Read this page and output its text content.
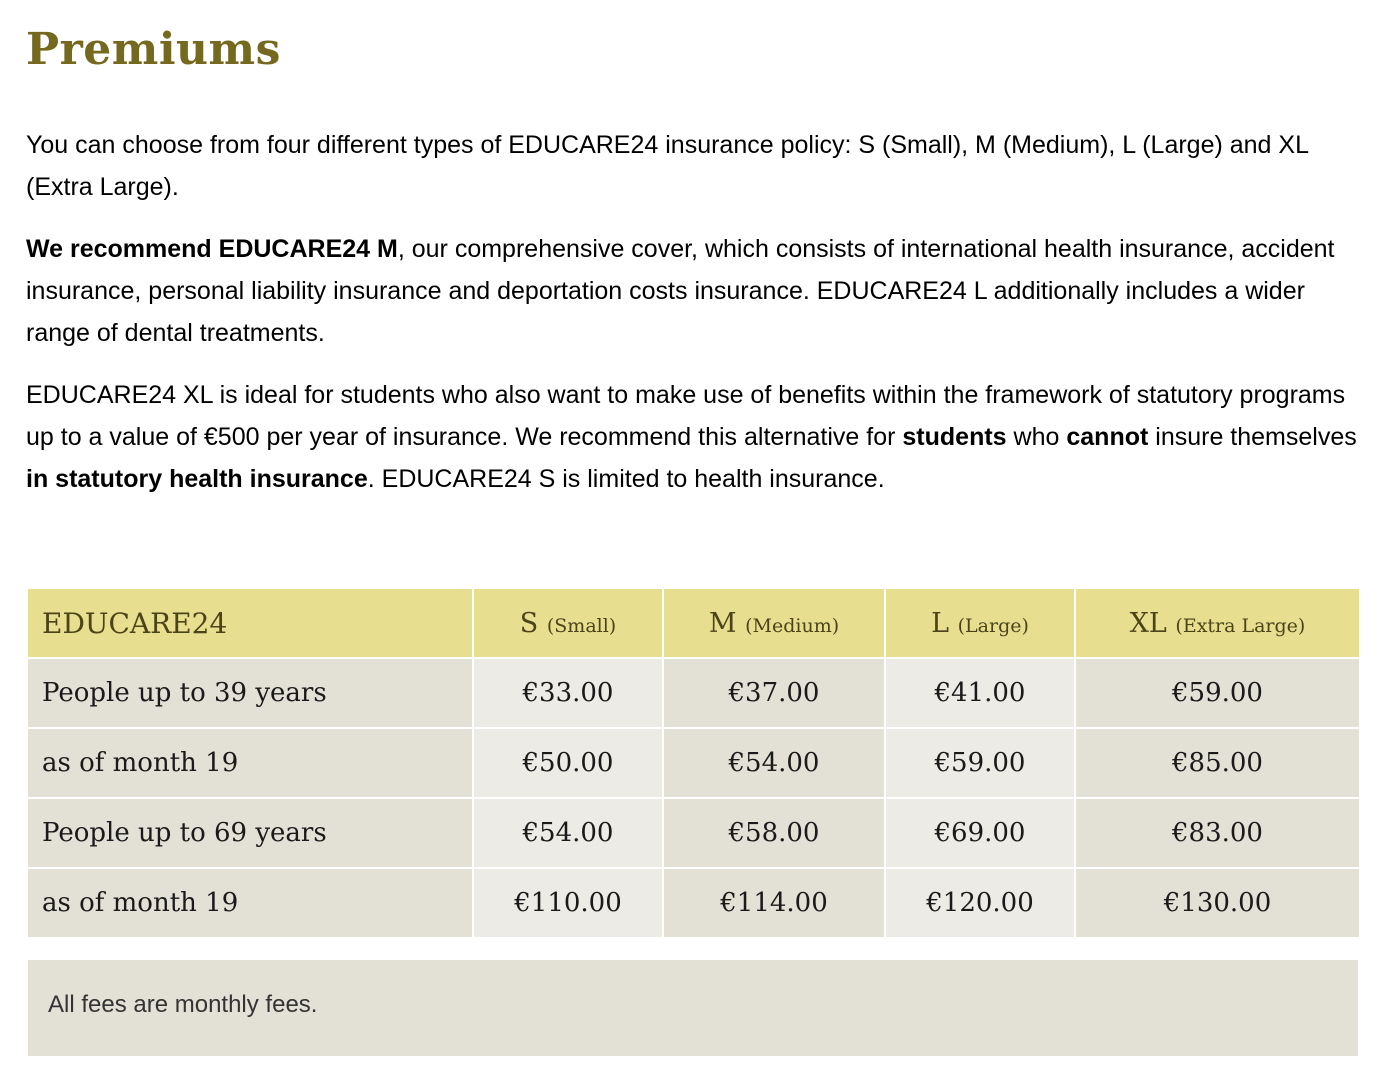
Premiums

You can choose from four different types of EDUCARE24 insurance policy: S (Small), M (Medium), L (Large) and XL (Extra Large).

We recommend EDUCARE24 M, our comprehensive cover, which consists of international health insurance, accident insurance, personal liability insurance and deportation costs insurance. EDUCARE24 L additionally includes a wider range of dental treatments.

EDUCARE24 XL is ideal for students who also want to make use of benefits within the framework of statutory programs up to a value of €500 per year of insurance. We recommend this alternative for students who cannot insure themselves in statutory health insurance. EDUCARE24 S is limited to health insurance.

EDUCARE24	S (Small)	M (Medium)	L (Large)	XL (Extra Large)
People up to 39 years	€33.00	€37.00	€41.00	€59.00
as of month 19	€50.00	€54.00	€59.00	€85.00
People up to 69 years	€54.00	€58.00	€69.00	€83.00
as of month 19	€110.00	€114.00	€120.00	€130.00
All fees are monthly fees.
